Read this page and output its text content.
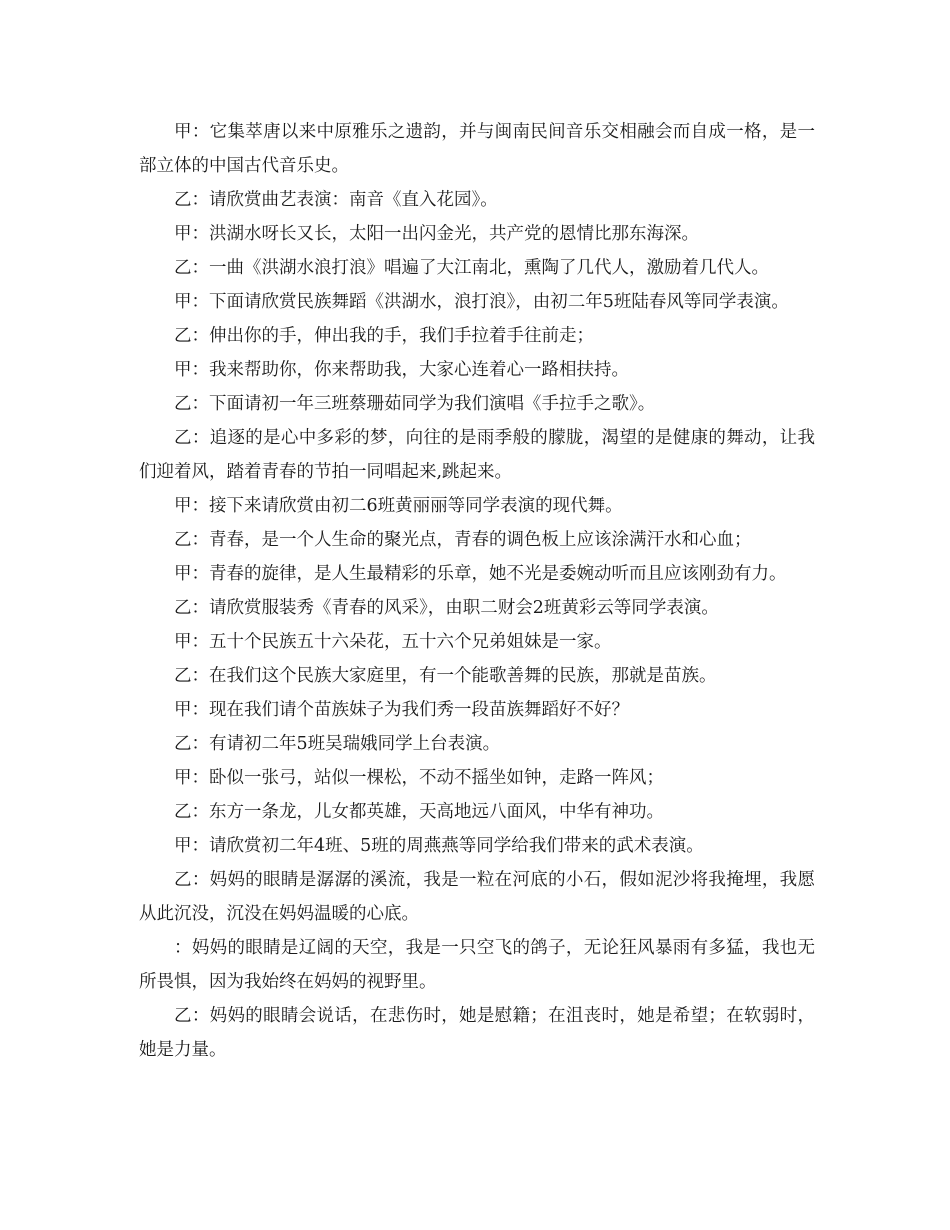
甲：它集萃唐以来中原雅乐之遗韵，并与闽南民间音乐交相融会而自成一格，是一部立体的中国古代音乐史。

乙：请欣赏曲艺表演：南音《直入花园》。

甲：洪湖水呀长又长，太阳一出闪金光，共产党的恩情比那东海深。

乙：一曲《洪湖水浪打浪》唱遍了大江南北，熏陶了几代人，激励着几代人。

甲：下面请欣赏民族舞蹈《洪湖水，浪打浪》，由初二年5班陆春风等同学表演。

乙：伸出你的手，伸出我的手，我们手拉着手往前走；

甲：我来帮助你，你来帮助我，大家心连着心一路相扶持。

乙：下面请初一年三班蔡珊茹同学为我们演唱《手拉手之歌》。

乙：追逐的是心中多彩的梦，向往的是雨季般的朦胧，渴望的是健康的舞动，让我们迎着风，踏着青春的节拍一同唱起来,跳起来。

甲：接下来请欣赏由初二6班黄丽丽等同学表演的现代舞。

乙：青春，是一个人生命的聚光点，青春的调色板上应该涂满汗水和心血；

甲：青春的旋律，是人生最精彩的乐章，她不光是委婉动听而且应该刚劲有力。

乙：请欣赏服装秀《青春的风采》，由职二财会2班黄彩云等同学表演。

甲：五十个民族五十六朵花，五十六个兄弟姐妹是一家。

乙：在我们这个民族大家庭里，有一个能歌善舞的民族，那就是苗族。

甲：现在我们请个苗族妹子为我们秀一段苗族舞蹈好不好？

乙：有请初二年5班吴瑞娥同学上台表演。

甲：卧似一张弓，站似一棵松，不动不摇坐如钟，走路一阵风；

乙：东方一条龙，儿女都英雄，天高地远八面风，中华有神功。

甲：请欣赏初二年4班、5班的周燕燕等同学给我们带来的武术表演。

乙：妈妈的眼睛是潺潺的溪流，我是一粒在河底的小石，假如泥沙将我掩埋，我愿从此沉没，沉没在妈妈温暖的心底。

：妈妈的眼睛是辽阔的天空，我是一只空飞的鸽子，无论狂风暴雨有多猛，我也无所畏惧，因为我始终在妈妈的视野里。

乙：妈妈的眼睛会说话，在悲伤时，她是慰籍；在沮丧时，她是希望；在软弱时，她是力量。
